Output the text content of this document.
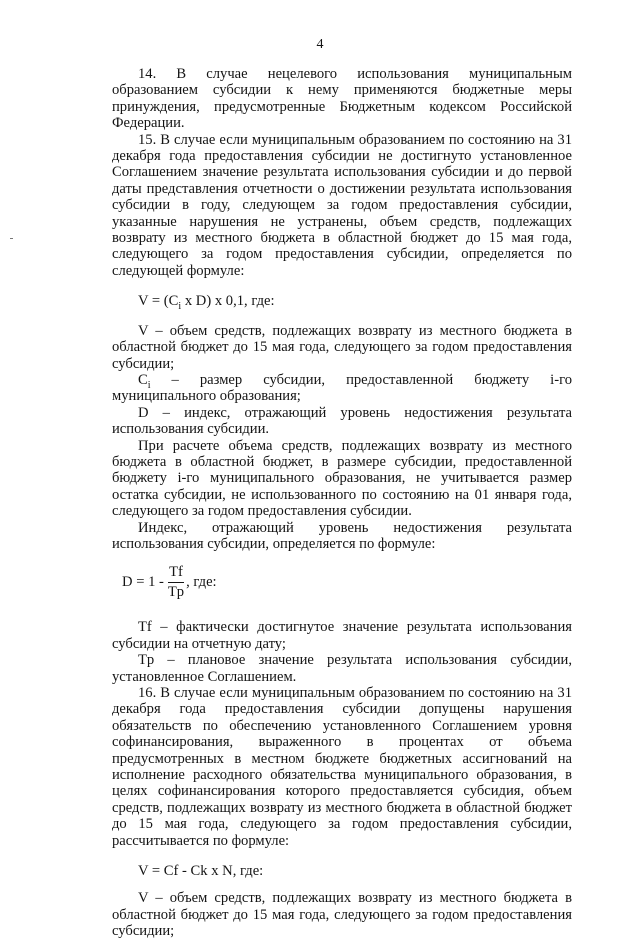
4

14. В случае нецелевого использования муниципальным образованием субсидии к нему применяются бюджетные меры принуждения, предусмотренные Бюджетным кодексом Российской Федерации.

15. В случае если муниципальным образованием по состоянию на 31 декабря года предоставления субсидии не достигнуто установленное Соглашением значение результата использования субсидии и до первой даты представления отчетности о достижении результата использования субсидии в году, следующем за годом предоставления субсидии, указанные нарушения не устранены, объем средств, подлежащих возврату из местного бюджета в областной бюджет до 15 мая года, следующего за годом предоставления субсидии, определяется по следующей формуле:

$V = (C_i$ x D) x 0,1, где:

V – объем средств, подлежащих возврату из местного бюджета в областной бюджет до 15 мая года, следующего за годом предоставления субсидии;

$C_i$ – размер субсидии, предоставленной бюджету i-го муниципального образования;

D – индекс, отражающий уровень недостижения результата использования субсидии.

При расчете объема средств, подлежащих возврату из местного бюджета в областной бюджет, в размере субсидии, предоставленной бюджету i-го муниципального образования, не учитывается размер остатка субсидии, не использованного по состоянию на 01 января года, следующего за годом предоставления субсидии.

Индекс, отражающий уровень недостижения результата использования субсидии, определяется по формуле:

$D = 1 - \frac{Tf}{Tp}$ , где:

Tf – фактически достигнутое значение результата использования субсидии на отчетную дату;

Tp – плановое значение результата использования субсидии, установленное Соглашением.

16. В случае если муниципальным образованием по состоянию на 31 декабря года предоставления субсидии допущены нарушения обязательств по обеспечению установленного Соглашением уровня софинансирования, выраженного в процентах от объема предусмотренных в местном бюджете бюджетных ассигнований на исполнение расходного обязательства муниципального образования, в целях софинансирования которого предоставляется субсидия, объем средств, подлежащих возврату из местного бюджета в областной бюджет до 15 мая года, следующего за годом предоставления субсидии, рассчитывается по формуле:

V = Cf - Ck x N, где:

V – объем средств, подлежащих возврату из местного бюджета в областной бюджет до 15 мая года, следующего за годом предоставления субсидии;
